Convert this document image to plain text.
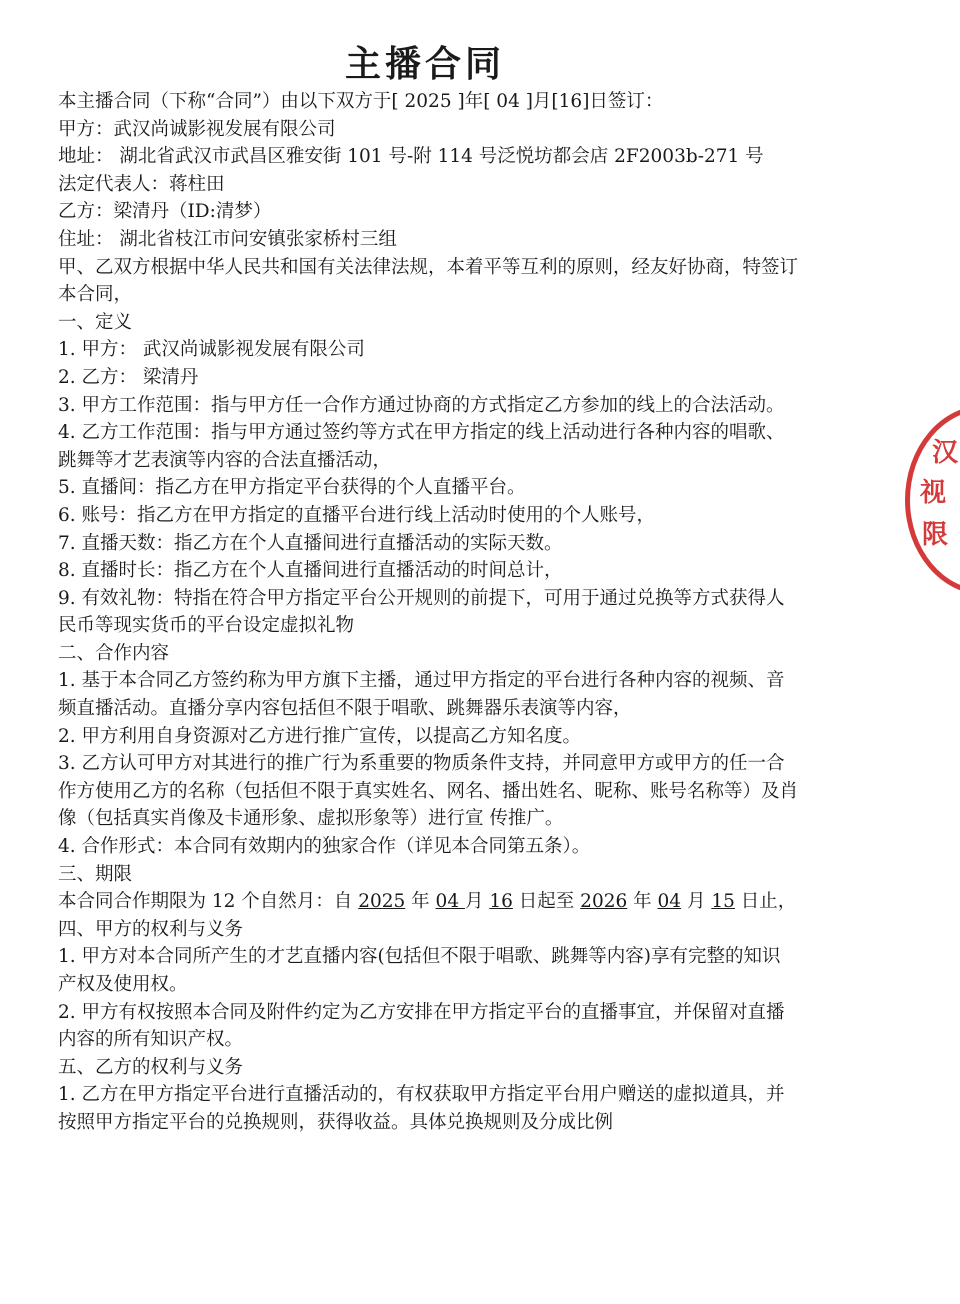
主播合同

本主播合同（下称“合同”）由以下双方于[ 2025 ]年[ 04 ]月[16]日签订：

甲方：武汉尚诚影视发展有限公司

地址： 湖北省武汉市武昌区雅安街 101 号-附 114 号泛悦坊都会店 2F2003b-271 号

法定代表人：蒋柱田

乙方：梁清丹（ID:清梦）

住址： 湖北省枝江市问安镇张家桥村三组

甲、乙双方根据中华人民共和国有关法律法规，本着平等互利的原则，经友好协商，特签订本合同，

一、定义

1. 甲方： 武汉尚诚影视发展有限公司

2. 乙方： 梁清丹

3. 甲方工作范围：指与甲方任一合作方通过协商的方式指定乙方参加的线上的合法活动。

4. 乙方工作范围：指与甲方通过签约等方式在甲方指定的线上活动进行各种内容的唱歌、跳舞等才艺表演等内容的合法直播活动，

5. 直播间：指乙方在甲方指定平台获得的个人直播平台。

6. 账号：指乙方在甲方指定的直播平台进行线上活动时使用的个人账号，

7. 直播天数：指乙方在个人直播间进行直播活动的实际天数。

8. 直播时长：指乙方在个人直播间进行直播活动的时间总计，

9. 有效礼物：特指在符合甲方指定平台公开规则的前提下，可用于通过兑换等方式获得人民币等现实货币的平台设定虚拟礼物

二、合作内容

1. 基于本合同乙方签约称为甲方旗下主播，通过甲方指定的平台进行各种内容的视频、音频直播活动。直播分享内容包括但不限于唱歌、跳舞器乐表演等内容，

2. 甲方利用自身资源对乙方进行推广宣传，以提高乙方知名度。

3. 乙方认可甲方对其进行的推广行为系重要的物质条件支持，并同意甲方或甲方的任一合作方使用乙方的名称（包括但不限于真实姓名、网名、播出姓名、昵称、账号名称等）及肖像（包括真实肖像及卡通形象、虚拟形象等）进行宣 传推广。

4. 合作形式：本合同有效期内的独家合作（详见本合同第五条）。

三、期限

本合同合作期限为 12 个自然月：自 2025 年 04 月 16 日起至 2026 年 04 月 15 日止，

四、甲方的权利与义务

1. 甲方对本合同所产生的才艺直播内容(包括但不限于唱歌、跳舞等内容)享有完整的知识产权及使用权。

2. 甲方有权按照本合同及附件约定为乙方安排在甲方指定平台的直播事宜，并保留对直播内容的所有知识产权。

五、乙方的权利与义务

1. 乙方在甲方指定平台进行直播活动的，有权获取甲方指定平台用户赠送的虚拟道具，并按照甲方指定平台的兑换规则，获得收益。具体兑换规则及分成比例

汉
视
限
